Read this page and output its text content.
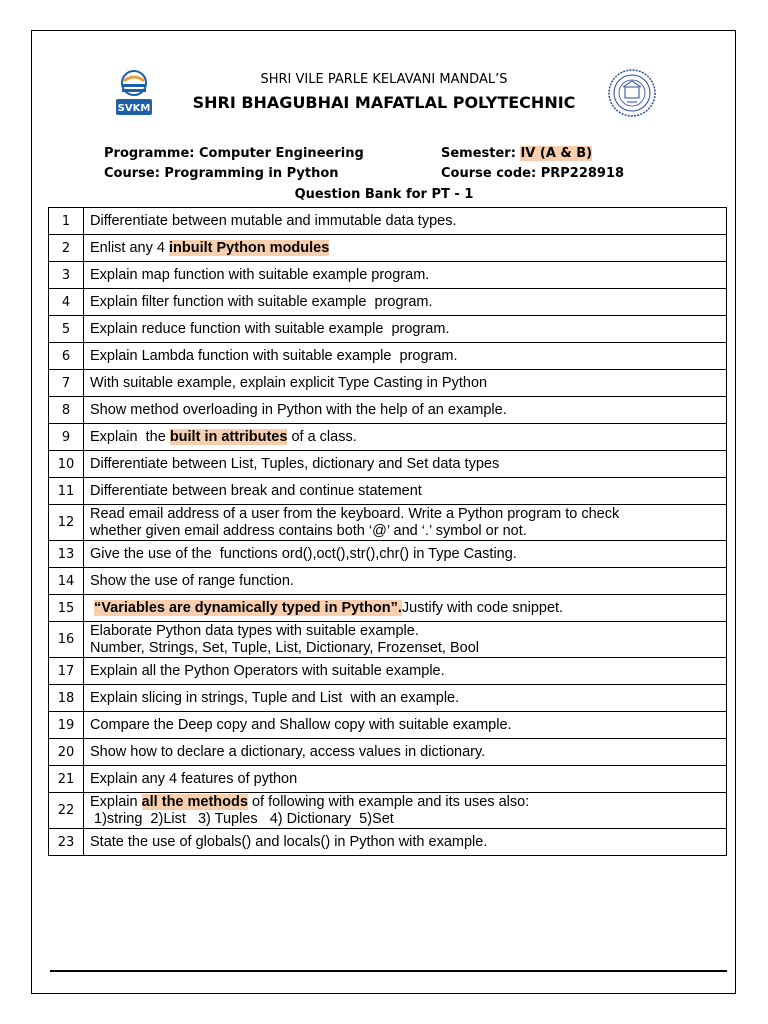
SVKM
SHRI VILE PARLE KELAVANI MANDAL’S
SHRI BHAGUBHAI MAFATLAL POLYTECHNIC
Programme: Computer Engineering	Semester: IV (A & B)
Course: Programming in Python	Course code: PRP228918
Question Bank for PT - 1
1	Differentiate between mutable and immutable data types.
2	Enlist any 4 inbuilt Python modules
3	Explain map function with suitable example program.
4	Explain filter function with suitable example  program.
5	Explain reduce function with suitable example  program.
6	Explain Lambda function with suitable example  program.
7	With suitable example, explain explicit Type Casting in Python
8	Show method overloading in Python with the help of an example.
9	Explain  the built in attributes of a class.
10	Differentiate between List, Tuples, dictionary and Set data types
11	Differentiate between break and continue statement
12	Read email address of a user from the keyboard. Write a Python program to check
whether given email address contains both ‘@’ and ‘.’ symbol or not.
13	Give the use of the  functions ord(),oct(),str(),chr() in Type Casting.
14	Show the use of range function.
15	“Variables are dynamically typed in Python”.Justify with code snippet.
16	Elaborate Python data types with suitable example.
Number, Strings, Set, Tuple, List, Dictionary, Frozenset, Bool
17	Explain all the Python Operators with suitable example.
18	Explain slicing in strings, Tuple and List  with an example.
19	Compare the Deep copy and Shallow copy with suitable example.
20	Show how to declare a dictionary, access values in dictionary.
21	Explain any 4 features of python
22	Explain all the methods of following with example and its uses also:
1)string  2)List   3) Tuples   4) Dictionary  5)Set
23	State the use of globals() and locals() in Python with example.
